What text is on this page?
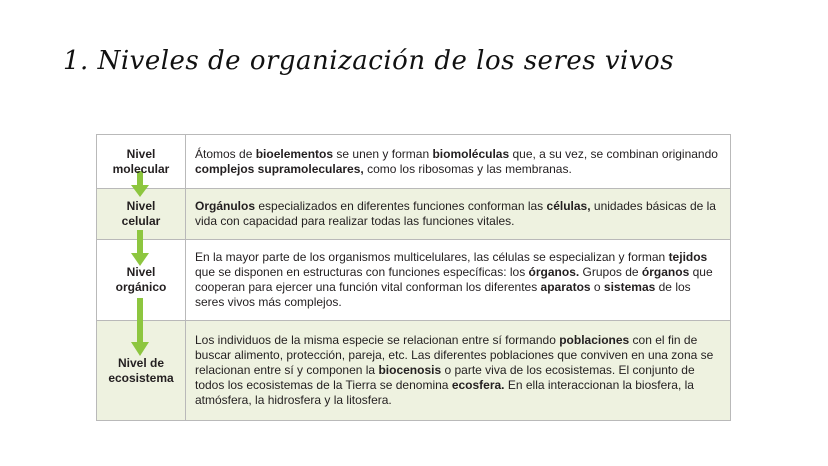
1. Niveles de organización de los seres vivos
Nivel
molecular	Átomos de bioelementos se unen y forman biomoléculas que, a su vez, se combinan originando complejos supramoleculares, como los ribosomas y las membranas.

Nivel
celular	Orgánulos especializados en diferentes funciones conforman las células, unidades básicas de la vida con capacidad para realizar todas las funciones vitales.

Nivel
orgánico	En la mayor parte de los organismos multicelulares, las células se especializan y forman tejidos que se disponen en estructuras con funciones específicas: los órganos. Grupos de órganos que cooperan para ejercer una función vital conforman los diferentes aparatos o sistemas de los seres vivos más complejos.
Nivel de
ecosistema	Los individuos de la misma especie se relacionan entre sí formando poblaciones con el fin de buscar alimento, protección, pareja, etc. Las diferentes poblaciones que conviven en una zona se relacionan entre sí y componen la biocenosis o parte viva de los ecosistemas. El conjunto de todos los ecosistemas de la Tierra se denomina ecosfera. En ella interaccionan la biosfera, la atmósfera, la hidrosfera y la litosfera.
